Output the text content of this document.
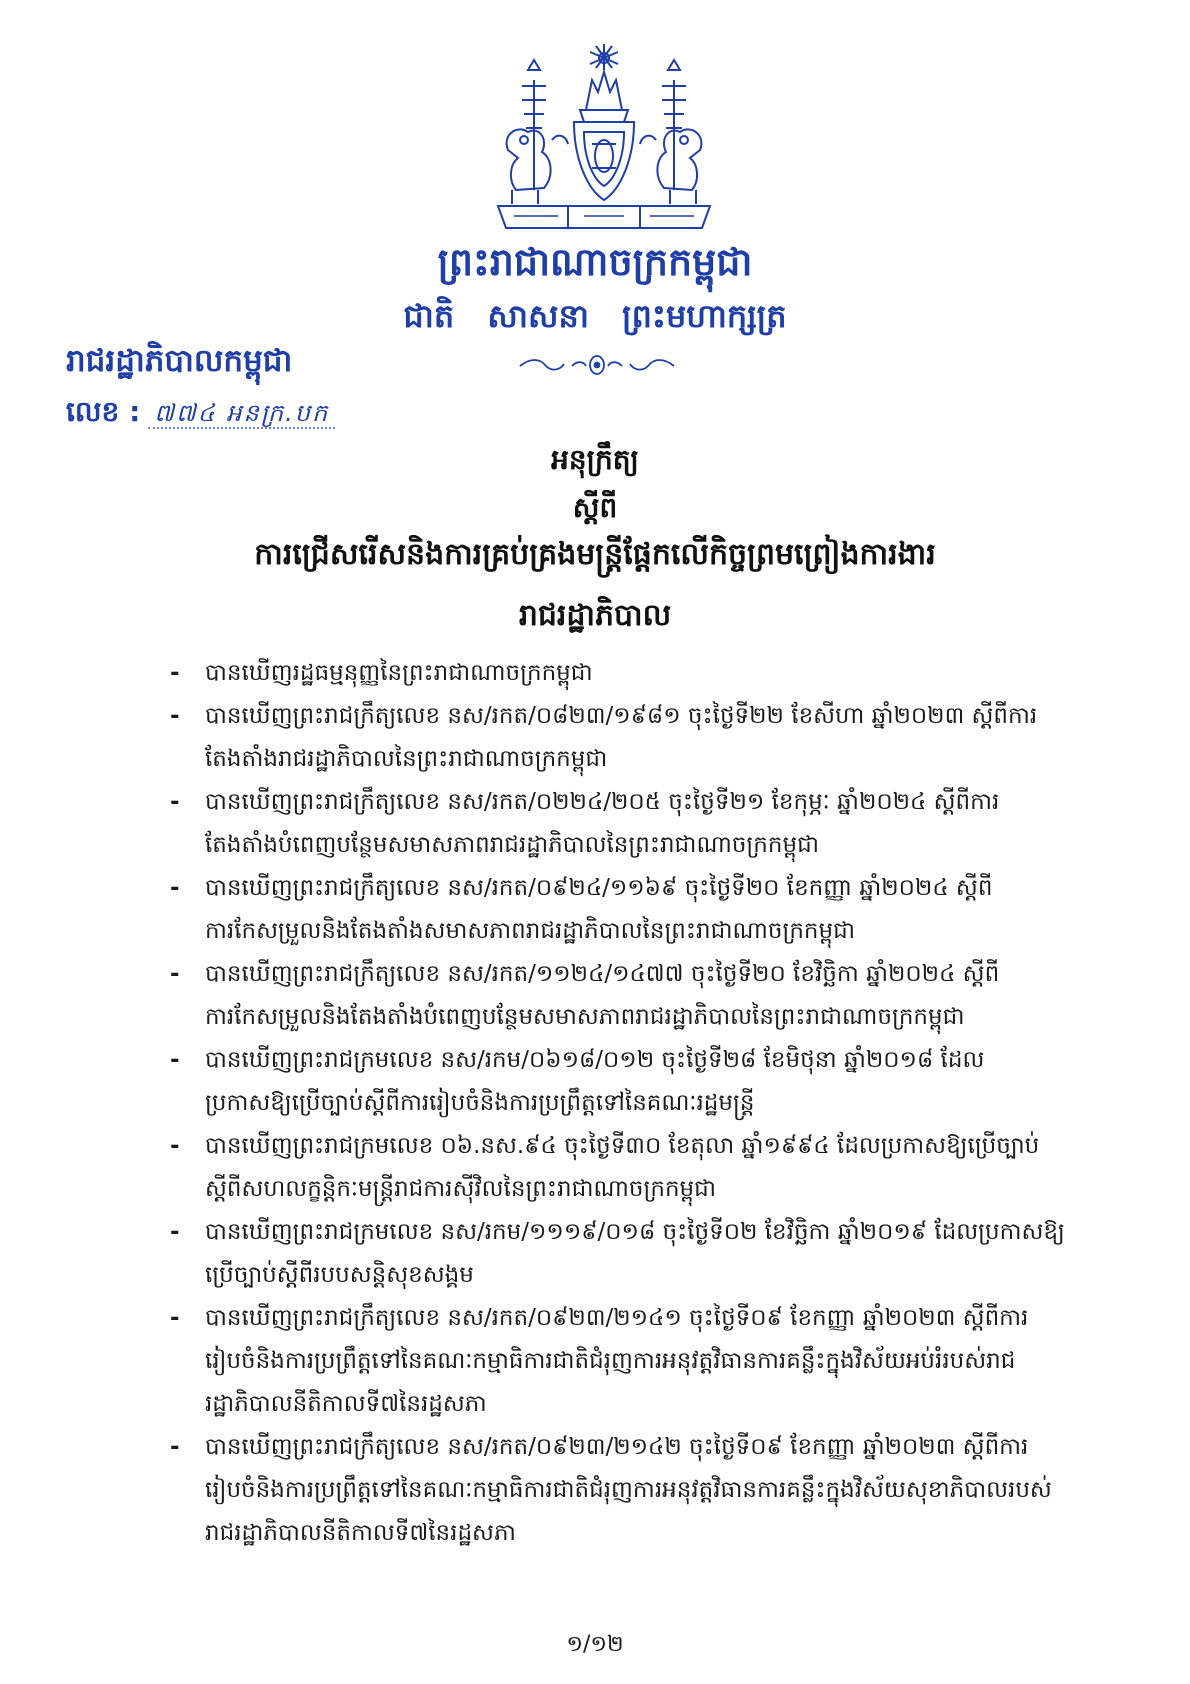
ព្រះរាជាណាចក្រកម្ពុជា
ជាតិ សាសនា ព្រះមហាក្សត្រ
រាជរដ្ឋាភិបាលកម្ពុជា
លេខ : ៧៧៤ អនក្រ.បក
អនុក្រឹត្យ
ស្តីពី
ការជ្រើសរើសនិងការគ្រប់គ្រងមន្ត្រីផ្តែកលើកិច្ចព្រមព្រៀងការងារ
រាជរដ្ឋាភិបាល
- បានឃើញរដ្ឋធម្មនុញ្ញនៃព្រះរាជាណាចក្រកម្ពុជា
- បានឃើញព្រះរាជក្រឹត្យលេខ នស/រកត/០៨២៣/១៩៨១ ចុះថ្ងៃទី២២ ខែសីហា ឆ្នាំ២០២៣ ស្តីពីការតែងតាំងរាជរដ្ឋាភិបាលនៃព្រះរាជាណាចក្រកម្ពុជា
- បានឃើញព្រះរាជក្រឹត្យលេខ នស/រកត/០២២៤/២០៥ ចុះថ្ងៃទី២១ ខែកុម្ភៈ ឆ្នាំ២០២៤ ស្តីពីការតែងតាំងបំពេញបន្ថែមសមាសភាពរាជរដ្ឋាភិបាលនៃព្រះរាជាណាចក្រកម្ពុជា
- បានឃើញព្រះរាជក្រឹត្យលេខ នស/រកត/០៩២៤/១១៦៩ ចុះថ្ងៃទី២០ ខែកញ្ញា ឆ្នាំ២០២៤ ស្តីពីការកែសម្រួលនិងតែងតាំងសមាសភាពរាជរដ្ឋាភិបាលនៃព្រះរាជាណាចក្រកម្ពុជា
- បានឃើញព្រះរាជក្រឹត្យលេខ នស/រកត/១១២៤/១៤៧៧ ចុះថ្ងៃទី២០ ខែវិច្ឆិកា ឆ្នាំ២០២៤ ស្តីពីការកែសម្រួលនិងតែងតាំងបំពេញបន្ថែមសមាសភាពរាជរដ្ឋាភិបាលនៃព្រះរាជាណាចក្រកម្ពុជា
- បានឃើញព្រះរាជក្រមលេខ នស/រកម/០៦១៨/០១២ ចុះថ្ងៃទី២៨ ខែមិថុនា ឆ្នាំ២០១៨ ដែលប្រកាសឱ្យប្រើច្បាប់ស្តីពីការរៀបចំនិងការប្រព្រឹត្តទៅនៃគណៈរដ្ឋមន្ត្រី
- បានឃើញព្រះរាជក្រមលេខ ០៦.នស.៩៤ ចុះថ្ងៃទី៣០ ខែតុលា ឆ្នាំ១៩៩៤ ដែលប្រកាសឱ្យប្រើច្បាប់ស្តីពីសហលក្ខន្តិកៈមន្ត្រីរាជការស៊ីវិលនៃព្រះរាជាណាចក្រកម្ពុជា
- បានឃើញព្រះរាជក្រមលេខ នស/រកម/១១១៩/០១៨ ចុះថ្ងៃទី០២ ខែវិច្ឆិកា ឆ្នាំ២០១៩ ដែលប្រកាសឱ្យប្រើច្បាប់ស្តីពីរបបសន្តិសុខសង្គម
- បានឃើញព្រះរាជក្រឹត្យលេខ នស/រកត/០៩២៣/២១៤១ ចុះថ្ងៃទី០៩ ខែកញ្ញា ឆ្នាំ២០២៣ ស្តីពីការរៀបចំនិងការប្រព្រឹត្តទៅនៃគណៈកម្មាធិការជាតិជំរុញការអនុវត្តវិធានការគន្លឹះក្នុងវិស័យអប់រំរបស់រាជរដ្ឋាភិបាលនីតិកាលទី៧នៃរដ្ឋសភា
- បានឃើញព្រះរាជក្រឹត្យលេខ នស/រកត/០៩២៣/២១៤២ ចុះថ្ងៃទី០៩ ខែកញ្ញា ឆ្នាំ២០២៣ ស្តីពីការរៀបចំនិងការប្រព្រឹត្តទៅនៃគណៈកម្មាធិការជាតិជំរុញការអនុវត្តវិធានការគន្លឹះក្នុងវិស័យសុខាភិបាលរបស់រាជរដ្ឋាភិបាលនីតិកាលទី៧នៃរដ្ឋសភា
១/១២
